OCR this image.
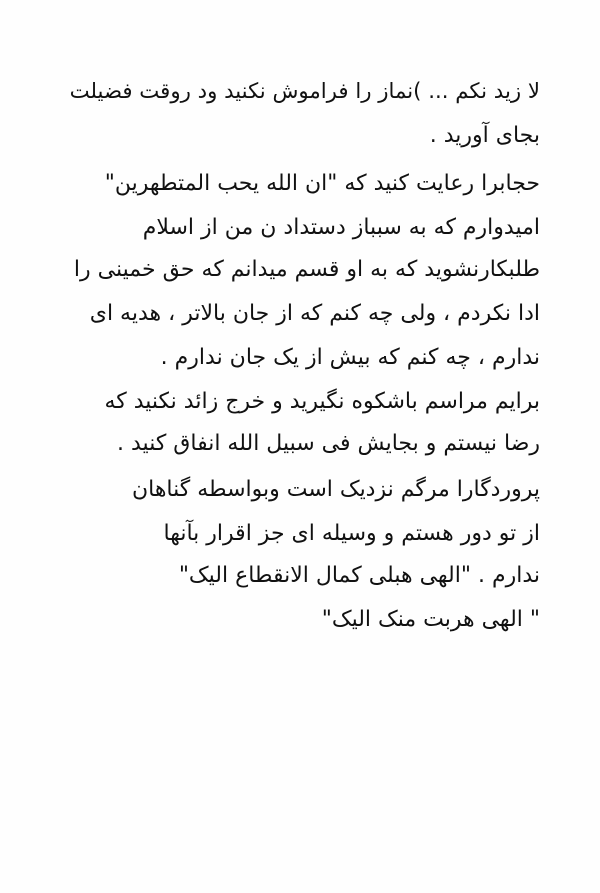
لا زید نکم ... )نماز را فراموش نکنید ود روقت فضیلت
بجای آورید .
حجابرا رعایت کنید که "ان الله یحب المتطهرین"
امیدوارم که به سبباز دستداد ن من از اسلام
طلبکارنشوید که به او قسم میدانم که حق خمینی را
ادا نکردم ، ولی چه کنم که از جان بالاتر ، هدیه ای
ندارم ، چه کنم که بیش از یک جان ندارم .
برایم مراسم باشکوه نگیرید و خرج زائد نکنید که
رضا نیستم و بجایش فی سبیل الله انفاق کنید .
پروردگارا مرگم نزدیک است وبواسطه گناهان
از تو دور هستم و وسیله ای جز اقرار بآنها
ندارم . "الهی هبلی کمال الانقطاع الیک"
" الهی هربت منک الیک"
